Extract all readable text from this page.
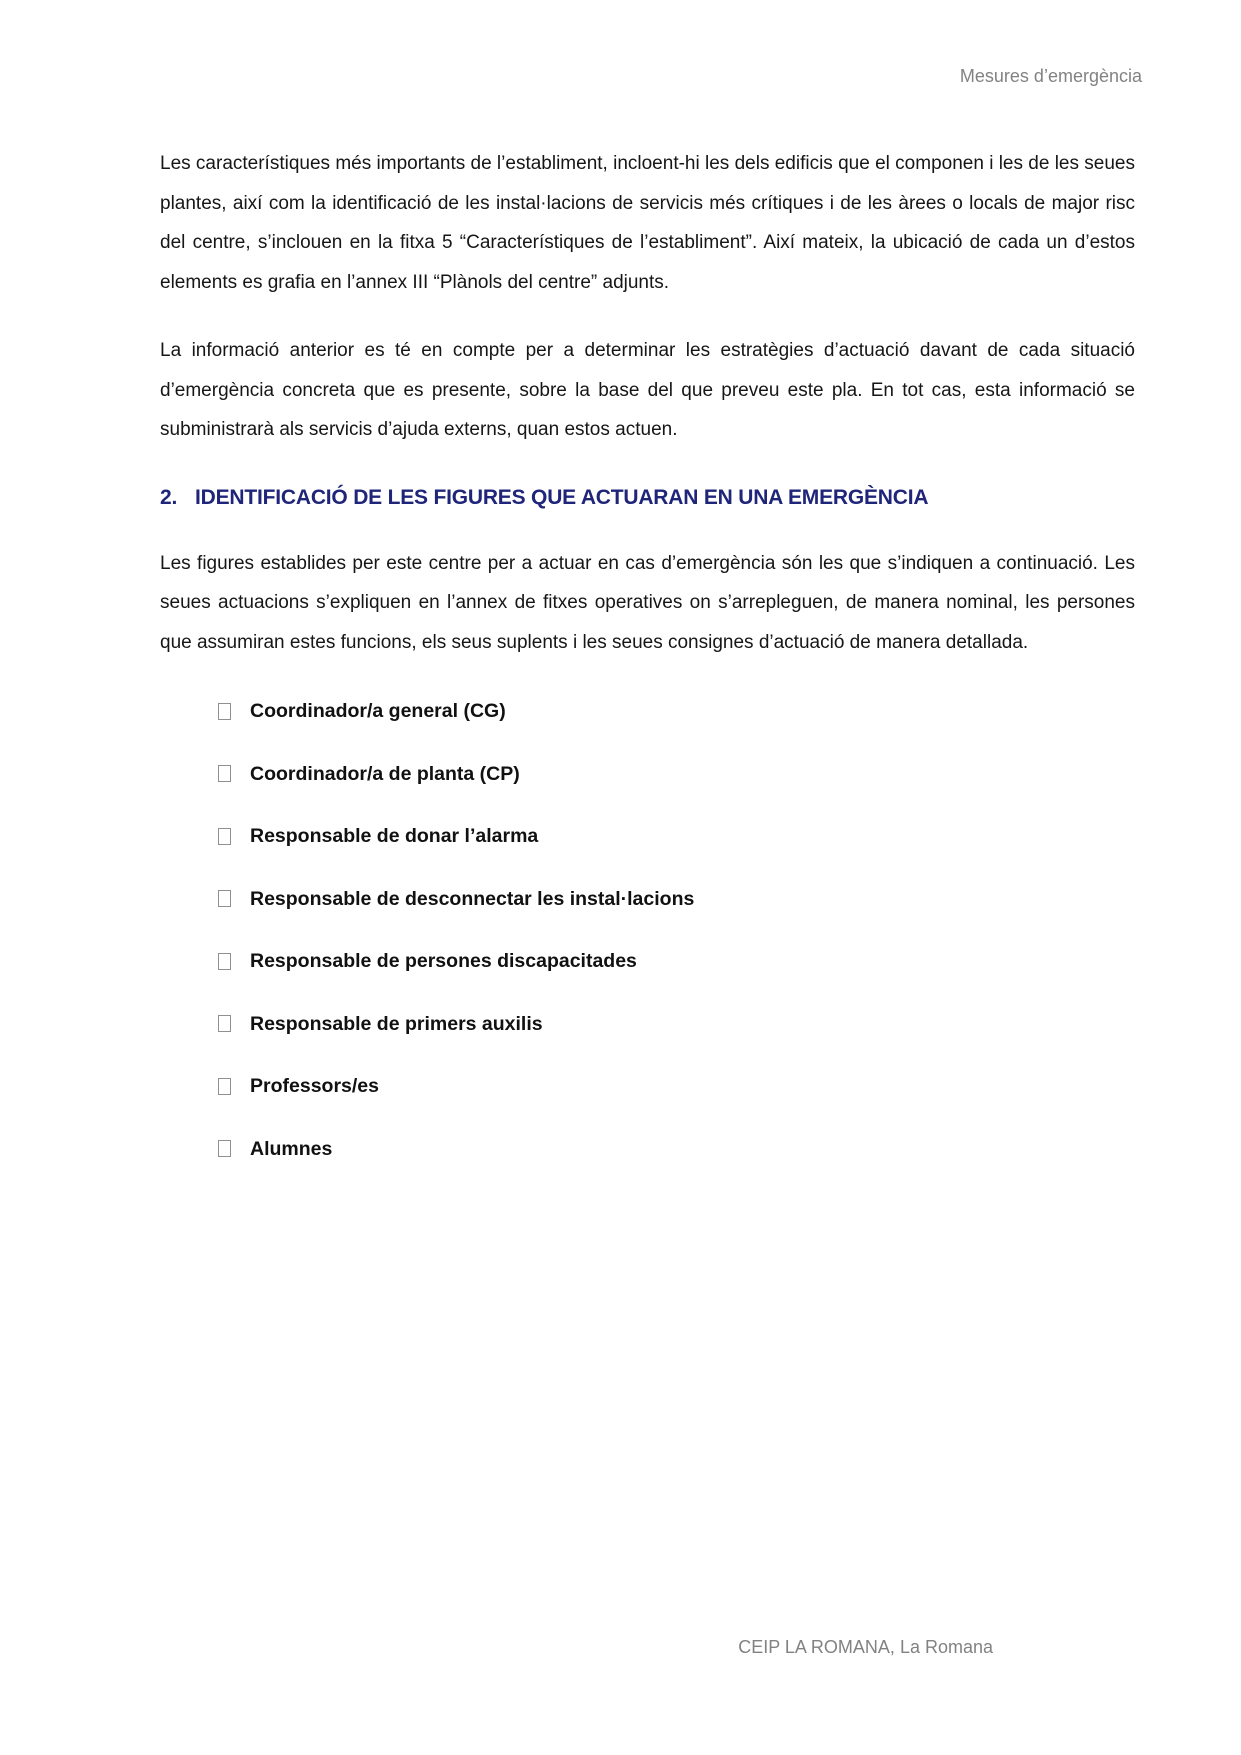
Mesures d’emergència

Les característiques més importants de l’establiment, incloent-hi les dels edificis que el componen i les de les seues plantes, així com la identificació de les instal·lacions de servicis més crítiques i de les àrees o locals de major risc del centre, s’inclouen en la fitxa 5 “Característiques de l’establiment”. Així mateix, la ubicació de cada un d’estos elements es grafia en l’annex III “Plànols del centre” adjunts.

La informació anterior es té en compte per a determinar les estratègies d’actuació davant de cada situació d’emergència concreta que es presente, sobre la base del que preveu este pla. En tot cas, esta informació se subministrarà als servicis d’ajuda externs, quan estos actuen.

2. IDENTIFICACIÓ DE LES FIGURES QUE ACTUARAN EN UNA EMERGÈNCIA

Les figures establides per este centre per a actuar en cas d’emergència són les que s’indiquen a continuació. Les seues actuacions s’expliquen en l’annex de fitxes operatives on s’arrepleguen, de manera nominal, les persones que assumiran estes funcions, els seus suplents i les seues consignes d’actuació de manera detallada.

Coordinador/a general (CG)
Coordinador/a de planta (CP)
Responsable de donar l’alarma
Responsable de desconnectar les instal·lacions
Responsable de persones discapacitades
Responsable de primers auxilis
Professors/es
Alumnes
CEIP LA ROMANA, La Romana
